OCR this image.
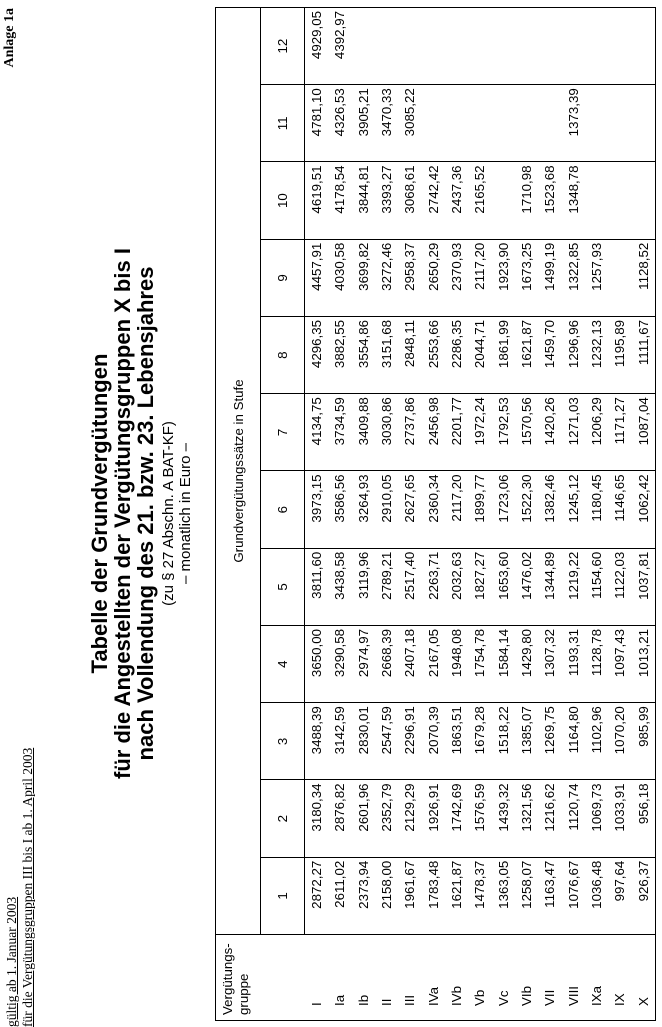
gültig ab 1. Januar 2003 für die Vergütungsgruppen III bis I ab 1. April 2003
Anlage 1a
Tabelle der Grundvergütungen
für die Angestellten der Vergütungsgruppen X bis I
nach Vollendung des 21. bzw. 23. Lebensjahres (zu § 27 Abschn. A BAT-KF) – monatlich in Euro –
Vergütungs-gruppe	Grundvergütungssätze in Stufe											
	1	2	3	4	5	6	7	8	9	10	11	12
I	2872,27	3180,34	3488,39	3650,00	3811,60	3973,15	4134,75	4296,35	4457,91	4619,51	4781,10	4929,05
Ia	2611,02	2876,82	3142,59	3290,58	3438,58	3586,56	3734,59	3882,55	4030,58	4178,54	4326,53	4392,97
Ib	2373,94	2601,96	2830,01	2974,97	3119,96	3264,93	3409,88	3554,86	3699,82	3844,81	3905,21	
II	2158,00	2352,79	2547,59	2668,39	2789,21	2910,05	3030,86	3151,68	3272,46	3393,27	3470,33	
III	1961,67	2129,29	2296,91	2407,18	2517,40	2627,65	2737,86	2848,11	2958,37	3068,61	3085,22	
IVa	1783,48	1926,91	2070,39	2167,05	2263,71	2360,34	2456,98	2553,66	2650,29	2742,42		
IVb	1621,87	1742,69	1863,51	1948,08	2032,63	2117,20	2201,77	2286,35	2370,93	2437,36		
Vb	1478,37	1576,59	1679,28	1754,78	1827,27	1899,77	1972,24	2044,71	2117,20	2165,52		
Vc	1363,05	1439,32	1518,22	1584,14	1653,60	1723,06	1792,53	1861,99	1923,90			
VIb	1258,07	1321,56	1385,07	1429,80	1476,02	1522,30	1570,56	1621,87	1673,25	1710,98		
VII	1163,47	1216,62	1269,75	1307,32	1344,89	1382,46	1420,26	1459,70	1499,19	1523,68		
VIII	1076,67	1120,74	1164,80	1193,31	1219,22	1245,12	1271,03	1296,96	1322,85	1348,78	1373,39	
IXa	1036,48	1069,73	1102,96	1128,78	1154,60	1180,45	1206,29	1232,13	1257,93			
IX	997,64	1033,91	1070,20	1097,43	1122,03	1146,65	1171,27	1195,89				
X	926,37	956,18	985,99	1013,21	1037,81	1062,42	1087,04	1111,67	1128,52			
